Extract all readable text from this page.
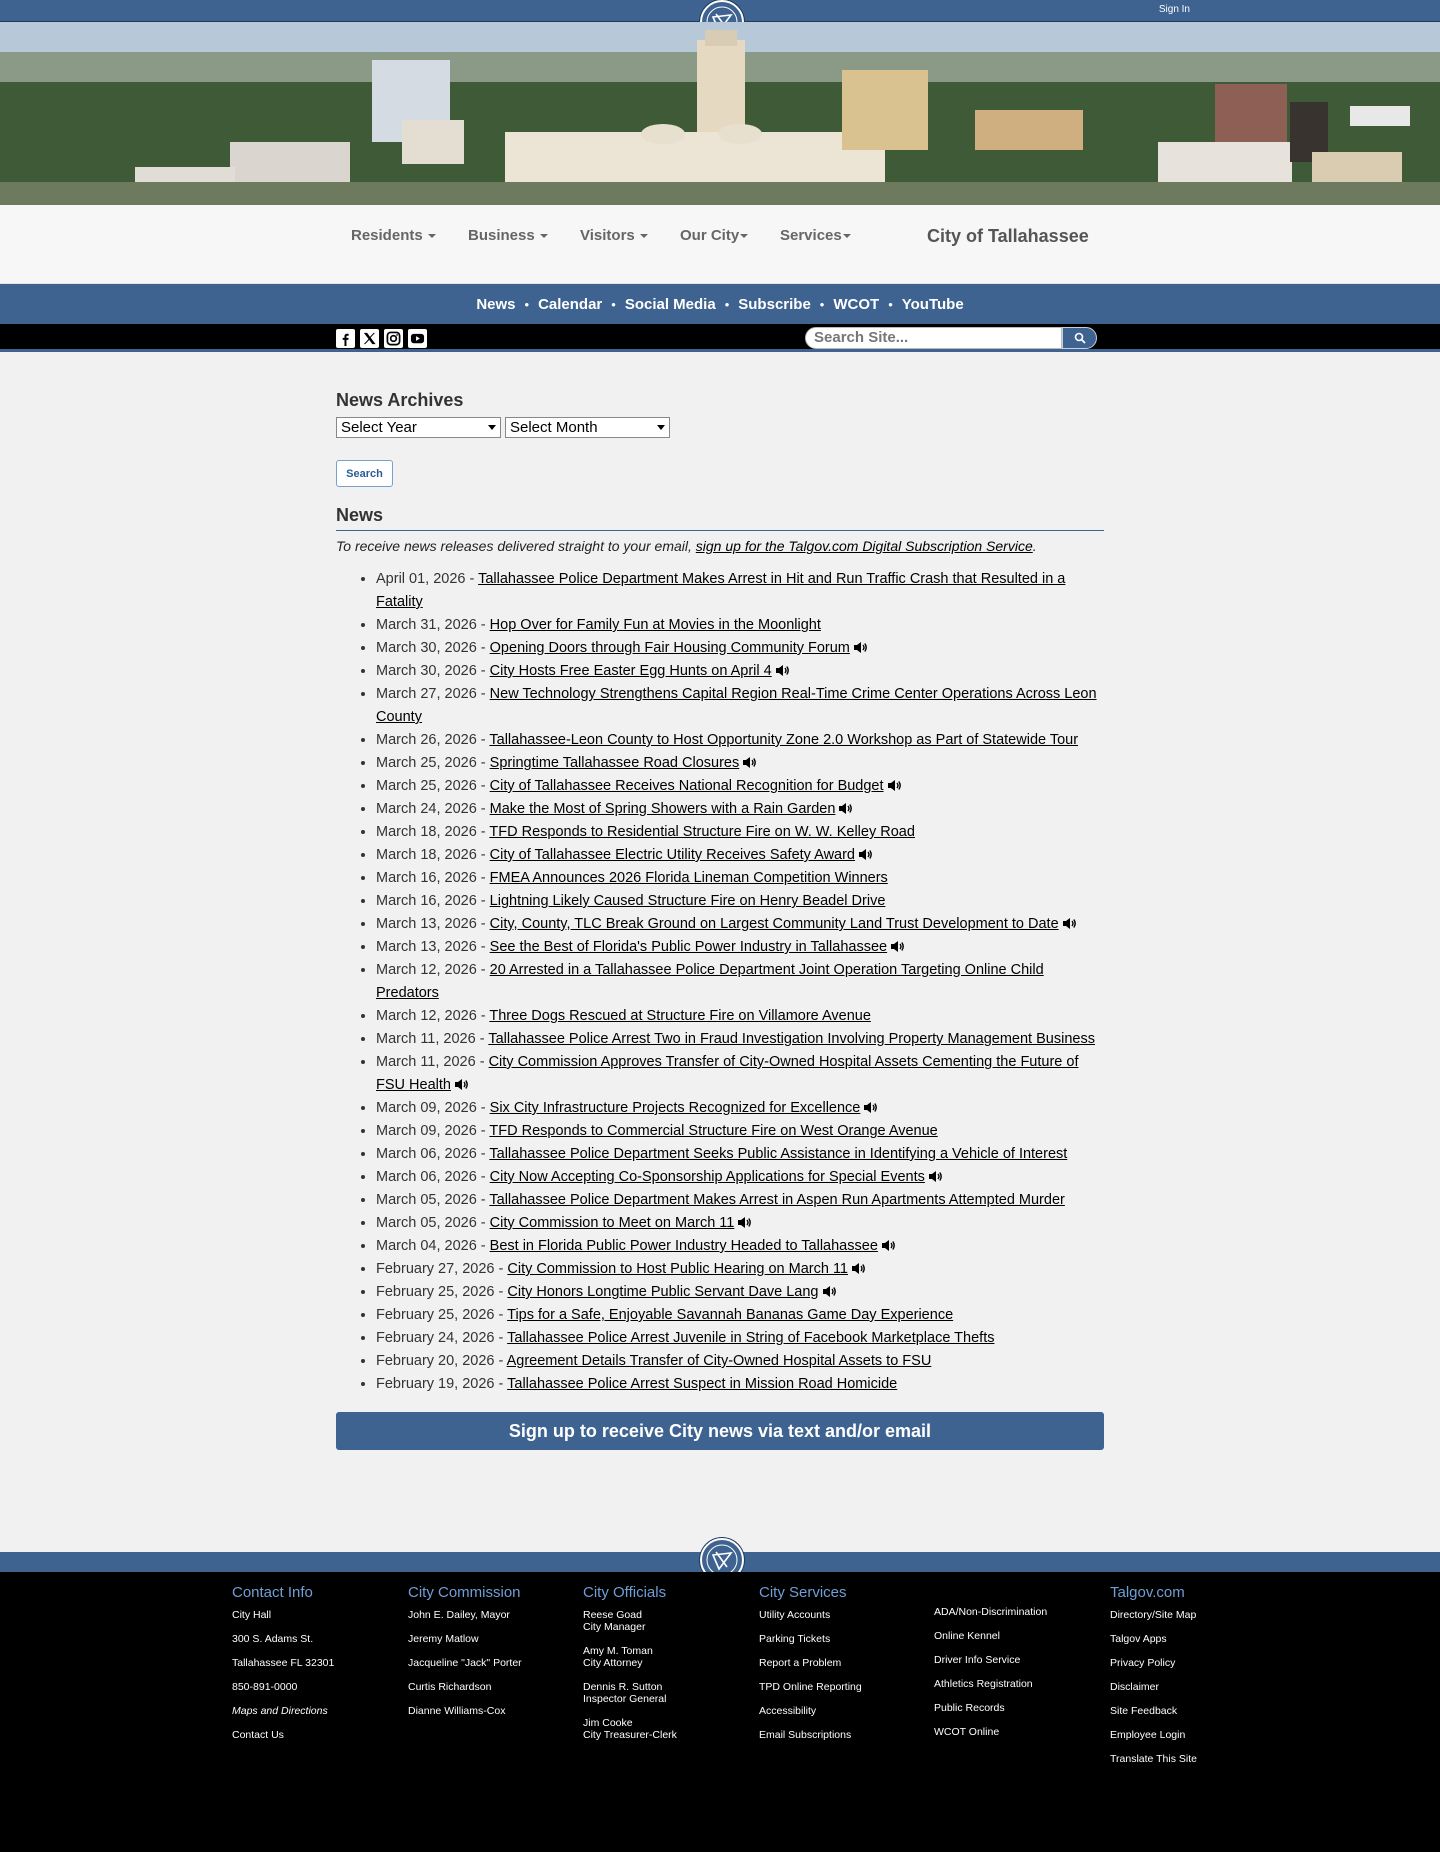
Sign In
Residents	Business	Visitors	Our City	Services	City of Tallahassee
News • Calendar • Social Media • Subscribe • WCOT • YouTube
Search Site...
News Archives
Select Year	Select Month
Search
News
To receive news releases delivered straight to your email, sign up for the Talgov.com Digital Subscription Service.
• April 01, 2026 - Tallahassee Police Department Makes Arrest in Hit and Run Traffic Crash that Resulted in a Fatality
• March 31, 2026 - Hop Over for Family Fun at Movies in the Moonlight
• March 30, 2026 - Opening Doors through Fair Housing Community Forum
• March 30, 2026 - City Hosts Free Easter Egg Hunts on April 4
• March 27, 2026 - New Technology Strengthens Capital Region Real-Time Crime Center Operations Across Leon County
• March 26, 2026 - Tallahassee-Leon County to Host Opportunity Zone 2.0 Workshop as Part of Statewide Tour
• March 25, 2026 - Springtime Tallahassee Road Closures
• March 25, 2026 - City of Tallahassee Receives National Recognition for Budget
• March 24, 2026 - Make the Most of Spring Showers with a Rain Garden
• March 18, 2026 - TFD Responds to Residential Structure Fire on W. W. Kelley Road
• March 18, 2026 - City of Tallahassee Electric Utility Receives Safety Award
• March 16, 2026 - FMEA Announces 2026 Florida Lineman Competition Winners
• March 16, 2026 - Lightning Likely Caused Structure Fire on Henry Beadel Drive
• March 13, 2026 - City, County, TLC Break Ground on Largest Community Land Trust Development to Date
• March 13, 2026 - See the Best of Florida's Public Power Industry in Tallahassee
• March 12, 2026 - 20 Arrested in a Tallahassee Police Department Joint Operation Targeting Online Child Predators
• March 12, 2026 - Three Dogs Rescued at Structure Fire on Villamore Avenue
• March 11, 2026 - Tallahassee Police Arrest Two in Fraud Investigation Involving Property Management Business
• March 11, 2026 - City Commission Approves Transfer of City-Owned Hospital Assets Cementing the Future of FSU Health
• March 09, 2026 - Six City Infrastructure Projects Recognized for Excellence
• March 09, 2026 - TFD Responds to Commercial Structure Fire on West Orange Avenue
• March 06, 2026 - Tallahassee Police Department Seeks Public Assistance in Identifying a Vehicle of Interest
• March 06, 2026 - City Now Accepting Co-Sponsorship Applications for Special Events
• March 05, 2026 - Tallahassee Police Department Makes Arrest in Aspen Run Apartments Attempted Murder
• March 05, 2026 - City Commission to Meet on March 11
• March 04, 2026 - Best in Florida Public Power Industry Headed to Tallahassee
• February 27, 2026 - City Commission to Host Public Hearing on March 11
• February 25, 2026 - City Honors Longtime Public Servant Dave Lang
• February 25, 2026 - Tips for a Safe, Enjoyable Savannah Bananas Game Day Experience
• February 24, 2026 - Tallahassee Police Arrest Juvenile in String of Facebook Marketplace Thefts
• February 20, 2026 - Agreement Details Transfer of City-Owned Hospital Assets to FSU
• February 19, 2026 - Tallahassee Police Arrest Suspect in Mission Road Homicide
Sign up to receive City news via text and/or email
Contact Info
City Hall
300 S. Adams St.
Tallahassee FL 32301
850-891-0000
Maps and Directions
Contact Us
City Commission
John E. Dailey, Mayor
Jeremy Matlow
Jacqueline "Jack" Porter
Curtis Richardson
Dianne Williams-Cox
City Officials
Reese Goad
City Manager
Amy M. Toman
City Attorney
Dennis R. Sutton
Inspector General
Jim Cooke
City Treasurer-Clerk
City Services
Utility Accounts
Parking Tickets
Report a Problem
TPD Online Reporting
Accessibility
Email Subscriptions
ADA/Non-Discrimination
Online Kennel
Driver Info Service
Athletics Registration
Public Records
WCOT Online
Talgov.com
Directory/Site Map
Talgov Apps
Privacy Policy
Disclaimer
Site Feedback
Employee Login
Translate This Site
